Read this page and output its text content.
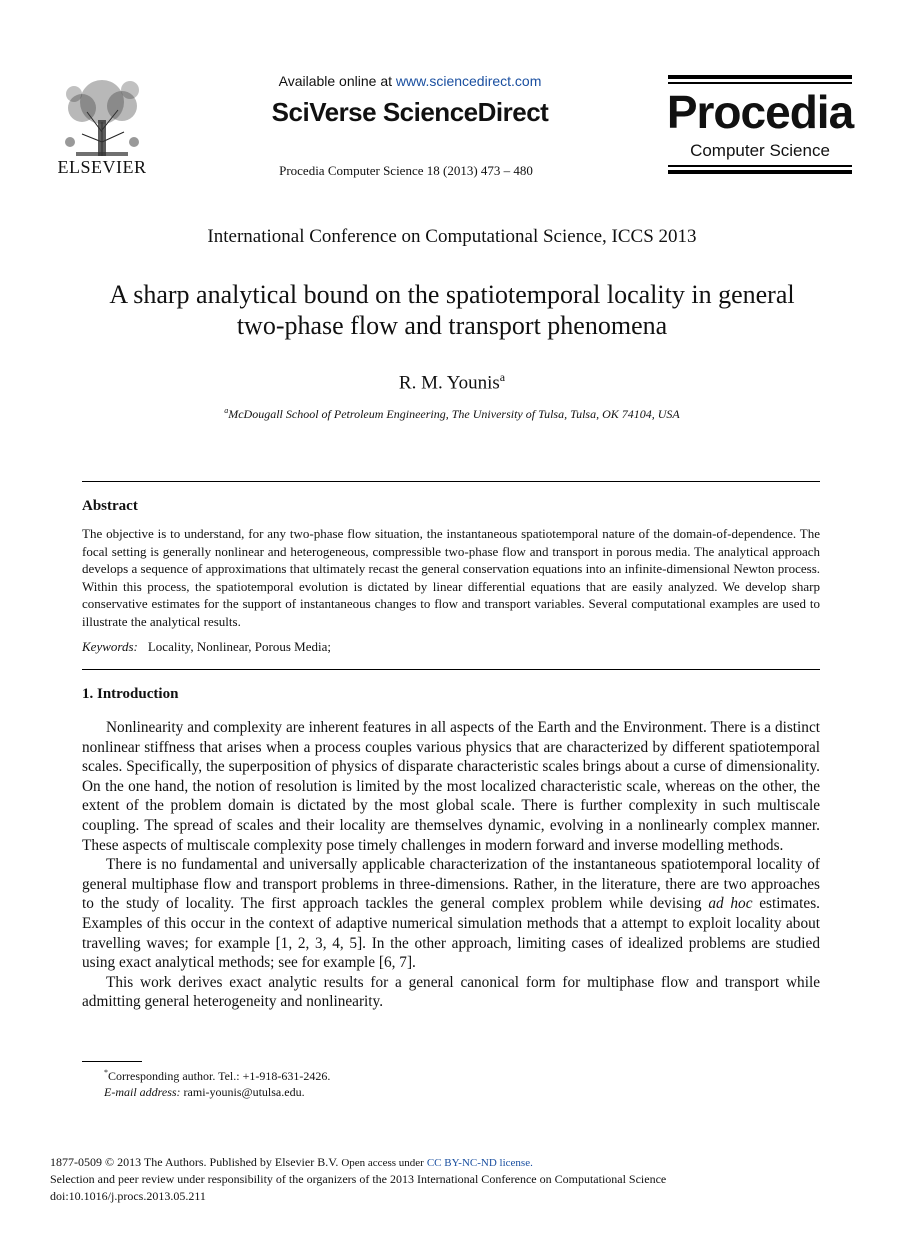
ELSEVIER
Available online at www.sciencedirect.com
SciVerse ScienceDirect
Procedia Computer Science 18 (2013) 473 – 480
Procedia
Computer Science
International Conference on Computational Science, ICCS 2013
A sharp analytical bound on the spatiotemporal locality in general
two-phase flow and transport phenomena
R. M. Younis$^a$
$^a$McDougall School of Petroleum Engineering, The University of Tulsa, Tulsa, OK 74104, USA
Abstract
The objective is to understand, for any two-phase flow situation, the instantaneous spatiotemporal nature of the domain-of-dependence. The focal setting is generally nonlinear and heterogeneous, compressible two-phase flow and transport in porous media. The analytical approach develops a sequence of approximations that ultimately recast the general conservation equations into an infinite-dimensional Newton process. Within this process, the spatiotemporal evolution is dictated by linear differential equations that are easily analyzed. We develop sharp conservative estimates for the support of instantaneous changes to flow and transport variables. Several computational examples are used to illustrate the analytical results.
Keywords: Locality, Nonlinear, Porous Media;
1. Introduction

Nonlinearity and complexity are inherent features in all aspects of the Earth and the Environment. There is a distinct nonlinear stiffness that arises when a process couples various physics that are characterized by different spatiotemporal scales. Specifically, the superposition of physics of disparate characteristic scales brings about a curse of dimensionality. On the one hand, the notion of resolution is limited by the most localized characteristic scale, whereas on the other, the extent of the problem domain is dictated by the most global scale. There is further complexity in such multiscale coupling. The spread of scales and their locality are themselves dynamic, evolving in a nonlinearly complex manner. These aspects of multiscale complexity pose timely challenges in modern forward and inverse modelling methods.

There is no fundamental and universally applicable characterization of the instantaneous spatiotemporal locality of general multiphase flow and transport problems in three-dimensions. Rather, in the literature, there are two approaches to the study of locality. The first approach tackles the general complex problem while devising ad hoc estimates. Examples of this occur in the context of adaptive numerical simulation methods that a attempt to exploit locality about travelling waves; for example [1, 2, 3, 4, 5]. In the other approach, limiting cases of idealized problems are studied using exact analytical methods; see for example [6, 7].

This work derives exact analytic results for a general canonical form for multiphase flow and transport while admitting general heterogeneity and nonlinearity.

*Corresponding author. Tel.: +1-918-631-2426.
E-mail address: rami-younis@utulsa.edu.
1877-0509 © 2013 The Authors. Published by Elsevier B.V. Open access under CC BY-NC-ND license.
Selection and peer review under responsibility of the organizers of the 2013 International Conference on Computational Science
doi:10.1016/j.procs.2013.05.211
